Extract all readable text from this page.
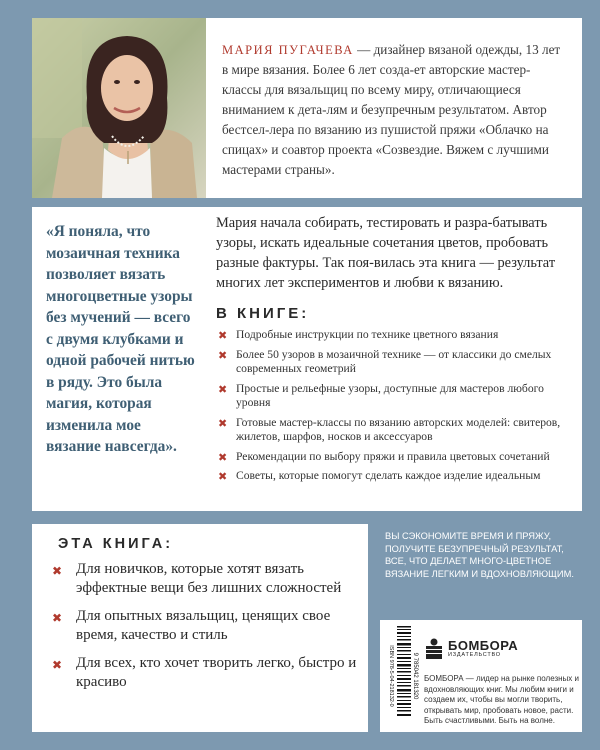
МАРИЯ ПУГАЧЕВА — дизайнер вязаной одежды, 13 лет в мире вязания. Более 6 лет созда-ет авторские мастер-классы для вязальщиц по всему миру, отличающиеся вниманием к дета-лям и безупречным результатом. Автор бестсел-лера по вязанию из пушистой пряжи «Облачко на спицах» и соавтор проекта «Созвездие. Вяжем с лучшими мастерами страны».

«Я поняла, что мозаичная техника позволяет вязать многоцветные узоры без мучений — всего с двумя клубками и одной рабочей нитью в ряду. Это была магия, которая изменила мое вязание навсегда».

Мария начала собирать, тестировать и разра-батывать узоры, искать идеальные сочетания цветов, пробовать разные фактуры. Так поя-вилась эта книга — результат многих лет экспериментов и любви к вязанию.

В КНИГЕ:
✖ Подробные инструкции по технике цветного вязания
✖ Более 50 узоров в мозаичной технике — от классики до смелых современных геометрий
✖ Простые и рельефные узоры, доступные для мастеров любого уровня
✖ Готовые мастер-классы по вязанию авторских моделей: свитеров, жилетов, шарфов, носков и аксессуаров
✖ Рекомендации по выбору пряжи и правила цветовых сочетаний
✖ Советы, которые помогут сделать каждое изделие идеальным
ЭТА КНИГА:
✖ Для новичков, которые хотят вязать эффектные вещи без лишних сложностей
✖ Для опытных вязальщиц, ценящих свое время, качество и стиль
✖ Для всех, кто хочет творить легко, быстро и красиво
ВЫ СЭКОНОМИТЕ ВРЕМЯ И ПРЯЖУ, ПОЛУЧИТЕ БЕЗУПРЕЧНЫЙ РЕЗУЛЬТАТ, ВСЕ, ЧТО ДЕЛАЕТ МНОГО-ЦВЕТНОЕ ВЯЗАНИЕ ЛЕГКИМ И ВДОХНОВЛЯЮЩИМ.
ISBN 978-5-04-218132-0	9 785042 181320
БОМБОРА
ИЗДАТЕЛЬСТВО
БОМБОРА — лидер на рынке полезных и вдохновляющих книг. Мы любим книги и создаем их, чтобы вы могли творить, открывать мир, пробовать новое, расти. Быть счастливыми. Быть на волне.
